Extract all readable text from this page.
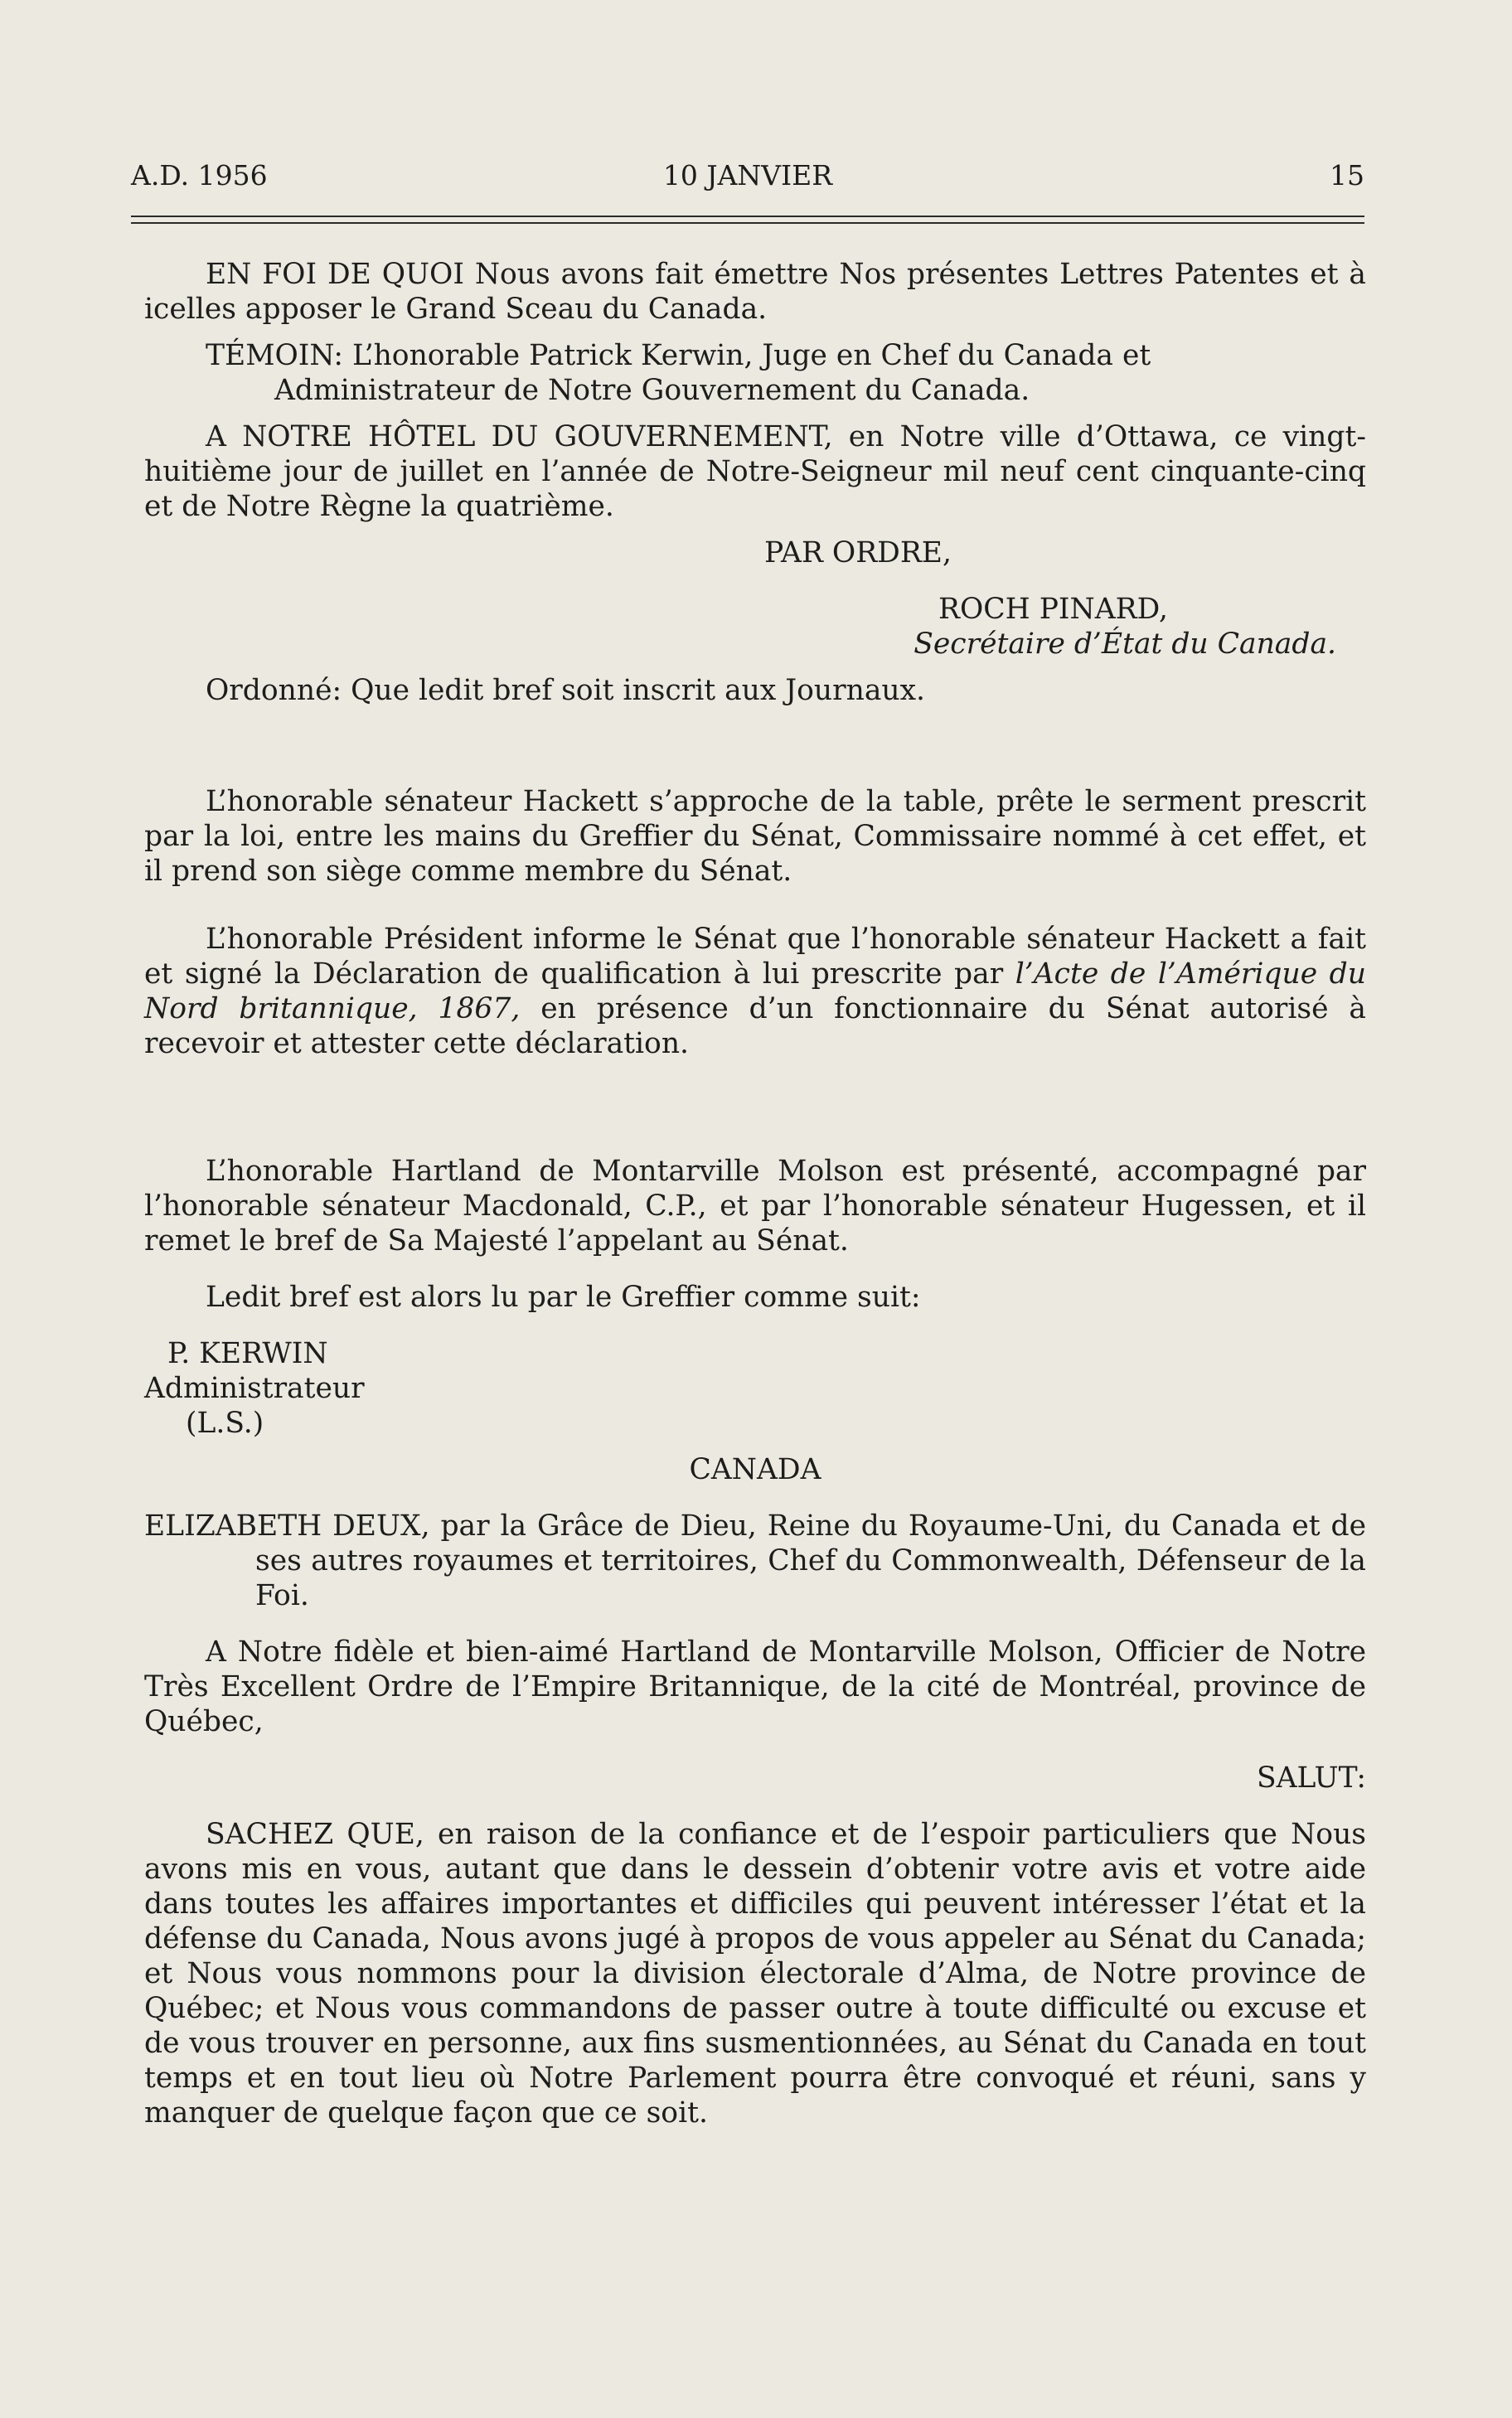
A.D. 1956	10 JANVIER	15

EN FOI DE QUOI Nous avons fait émettre Nos présentes Lettres Patentes et à icelles apposer le Grand Sceau du Canada.

TÉMOIN: L’honorable Patrick Kerwin, Juge en Chef du Canada et

Administrateur de Notre Gouvernement du Canada.

A NOTRE HÔTEL DU GOUVERNEMENT, en Notre ville d’Ottawa, ce vingt-huitième jour de juillet en l’année de Notre-Seigneur mil neuf cent cinquante-cinq et de Notre Règne la quatrième.

PAR ORDRE,

ROCH PINARD,

Secrétaire d’État du Canada.

Ordonné: Que ledit bref soit inscrit aux Journaux.

L’honorable sénateur Hackett s’approche de la table, prête le serment prescrit par la loi, entre les mains du Greffier du Sénat, Commissaire nommé à cet effet, et il prend son siège comme membre du Sénat.

L’honorable Président informe le Sénat que l’honorable sénateur Hackett a fait et signé la Déclaration de qualification à lui prescrite par l’Acte de l’Amérique du Nord britannique, 1867, en présence d’un fonctionnaire du Sénat autorisé à recevoir et attester cette déclaration.

L’honorable Hartland de Montarville Molson est présenté, accompagné par l’honorable sénateur Macdonald, C.P., et par l’honorable sénateur Hugessen, et il remet le bref de Sa Majesté l’appelant au Sénat.

Ledit bref est alors lu par le Greffier comme suit:

P. KERWIN

Administrateur

(L.S.)

CANADA

ELIZABETH DEUX, par la Grâce de Dieu, Reine du Royaume-Uni, du Canada et de ses autres royaumes et territoires, Chef du Commonwealth, Défenseur de la Foi.

A Notre fidèle et bien-aimé Hartland de Montarville Molson, Officier de Notre Très Excellent Ordre de l’Empire Britannique, de la cité de Montréal, province de Québec,

SALUT:

SACHEZ QUE, en raison de la confiance et de l’espoir particuliers que Nous avons mis en vous, autant que dans le dessein d’obtenir votre avis et votre aide dans toutes les affaires importantes et difficiles qui peuvent intéresser l’état et la défense du Canada, Nous avons jugé à propos de vous appeler au Sénat du Canada; et Nous vous nommons pour la division électorale d’Alma, de Notre province de Québec; et Nous vous commandons de passer outre à toute difficulté ou excuse et de vous trouver en personne, aux fins susmentionnées, au Sénat du Canada en tout temps et en tout lieu où Notre Parlement pourra être convoqué et réuni, sans y manquer de quelque façon que ce soit.
